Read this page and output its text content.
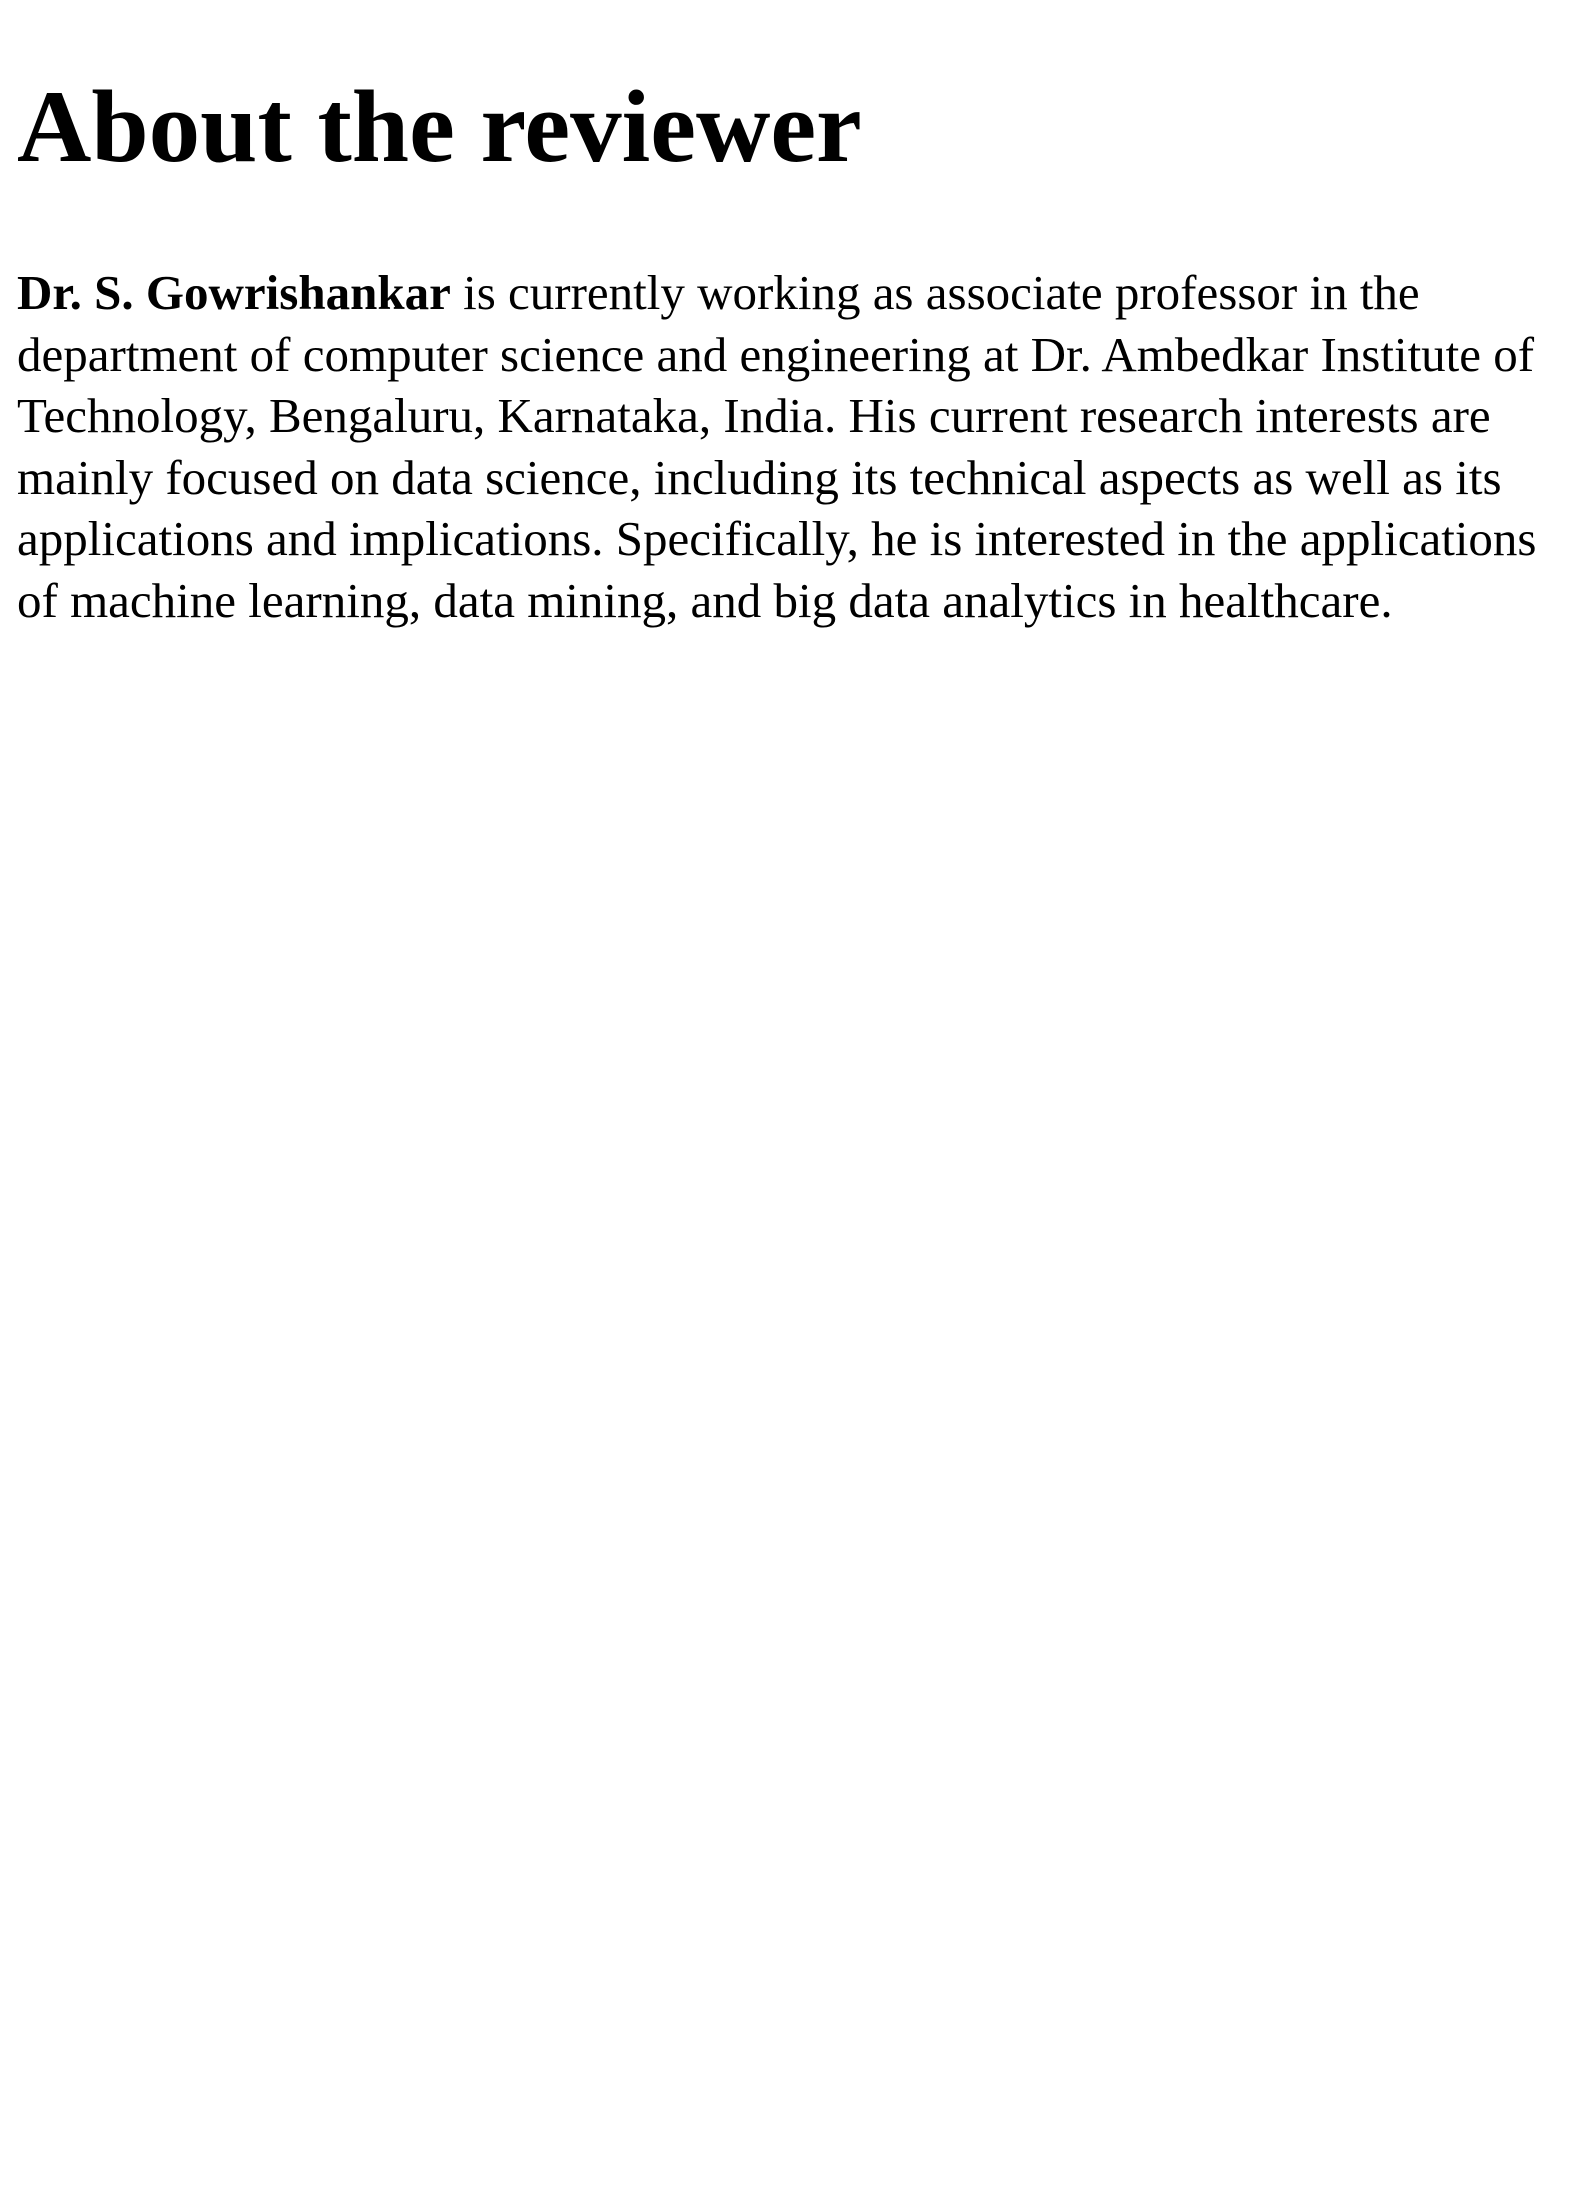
About the reviewer

Dr. S. Gowrishankar is currently working as associate professor in the department of computer science and engineering at Dr. Ambedkar Institute of Technology, Bengaluru, Karnataka, India. His current research interests are mainly focused on data science, including its technical aspects as well as its applications and implications. Specifically, he is interested in the applications of machine learning, data mining, and big data analytics in healthcare.
